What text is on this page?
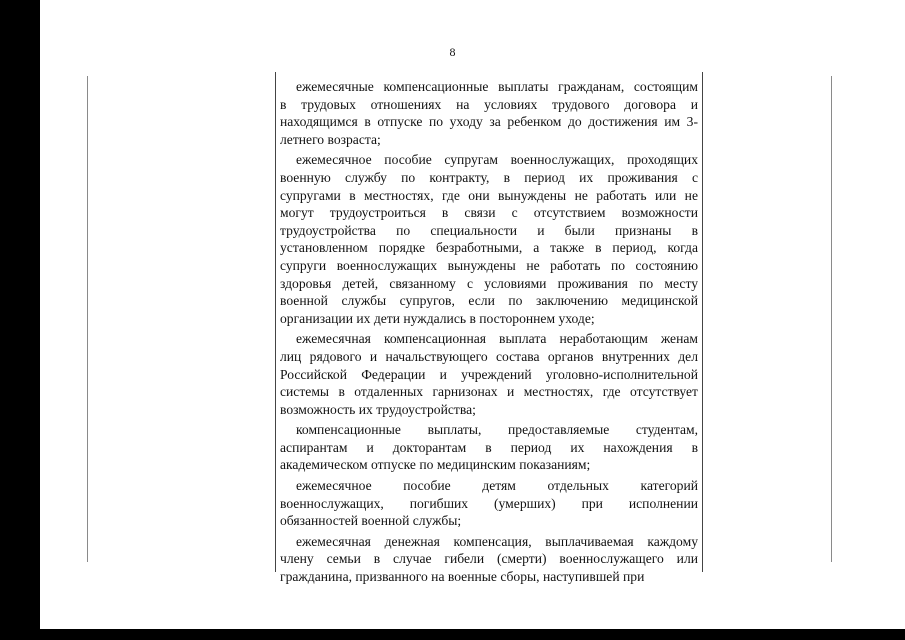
8
ежемесячные компенсационные выплаты гражданам, состоящим
в трудовых отношениях на условиях трудового договора и
находящимся в отпуске по уходу за ребенком до достижения им 3-
летнего возраста;
ежемесячное пособие супругам военнослужащих, проходящих
военную службу по контракту, в период их проживания с
супругами в местностях, где они вынуждены не работать или не
могут трудоустроиться в связи с отсутствием возможности
трудоустройства по специальности и были признаны в
установленном порядке безработными, а также в период, когда
супруги военнослужащих вынуждены не работать по состоянию
здоровья детей, связанному с условиями проживания по месту
военной службы супругов, если по заключению медицинской
организации их дети нуждались в постороннем уходе;
ежемесячная компенсационная выплата неработающим женам
лиц рядового и начальствующего состава органов внутренних дел
Российской Федерации и учреждений уголовно-исполнительной
системы в отдаленных гарнизонах и местностях, где отсутствует
возможность их трудоустройства;
компенсационные выплаты, предоставляемые студентам,
аспирантам и докторантам в период их нахождения в
академическом отпуске по медицинским показаниям;
ежемесячное пособие детям отдельных категорий
военнослужащих, погибших (умерших) при исполнении
обязанностей военной службы;
ежемесячная денежная компенсация, выплачиваемая каждому
члену семьи в случае гибели (смерти) военнослужащего или
гражданина, призванного на военные сборы, наступившей при
